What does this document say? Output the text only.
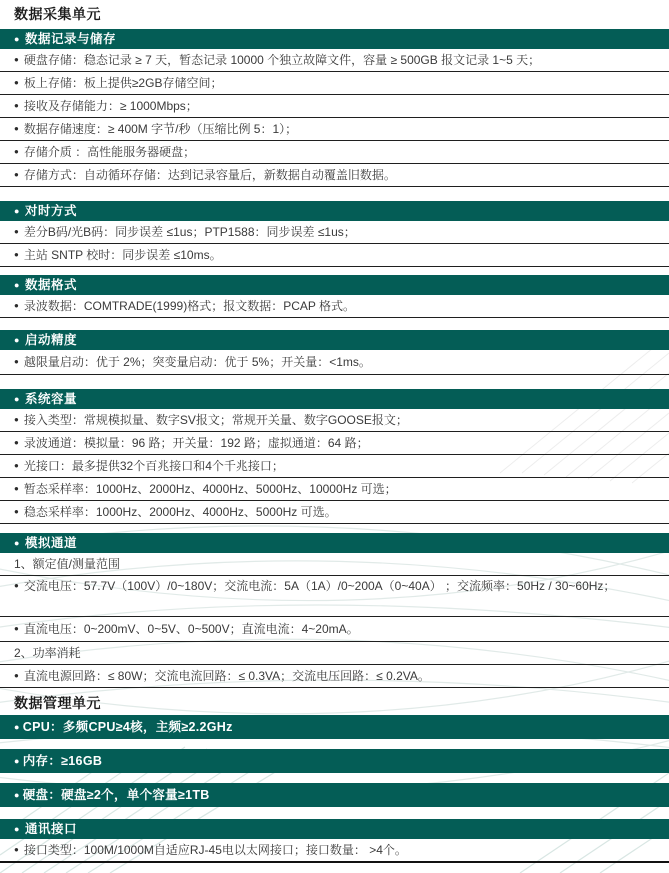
数据采集单元
● 数据记录与储存
● 硬盘存储：稳态记录 ≥ 7 天，暂态记录 10000 个独立故障文件，容量 ≥ 500GB 报文记录 1~5 天；
● 板上存储：板上提供≥2GB存储空间；
● 接收及存储能力：≥ 1000Mbps；
● 数据存储速度：≥ 400M 字节/秒（压缩比例 5：1）；
● 存储介质 ：高性能服务器硬盘；
● 存储方式：自动循环存储：达到记录容量后，新数据自动覆盖旧数据。
● 对时方式
● 差分B码/光B码：同步误差 ≤1us；PTP1588：同步误差 ≤1us；
● 主站 SNTP 校时：同步误差 ≤10ms。
● 数据格式
● 录波数据：COMTRADE(1999)格式；报文数据：PCAP 格式。
● 启动精度
● 越限量启动：优于 2%；突变量启动：优于 5%；开关量：<1ms。
● 系统容量
● 接入类型：常规模拟量、数字SV报文；常规开关量、数字GOOSE报文；
● 录波通道：模拟量：96 路；开关量：192 路；虚拟通道：64 路；
● 光接口：最多提供32个百兆接口和4个千兆接口；
● 暂态采样率：1000Hz、2000Hz、4000Hz、5000Hz、10000Hz 可选；
● 稳态采样率：1000Hz、2000Hz、4000Hz、5000Hz 可选。
● 模拟通道
1、额定值/测量范围
● 交流电压：57.7V（100V）/0~180V；交流电流：5A（1A）/0~200A（0~40A） ；交流频率：50Hz / 30~60Hz；
● 直流电压：0~200mV、0~5V、0~500V；直流电流：4~20mA。
2、功率消耗
● 直流电源回路：≤ 80W；交流电流回路：≤ 0.3VA；交流电压回路：≤ 0.2VA。
数据管理单元
● CPU：多频CPU≥4核，主频≥2.2GHz
● 内存：≥16GB
● 硬盘：硬盘≥2个，单个容量≥1TB
● 通讯接口
● 接口类型：100M/1000M自适应RJ-45电以太网接口；接口数量： >4个。
